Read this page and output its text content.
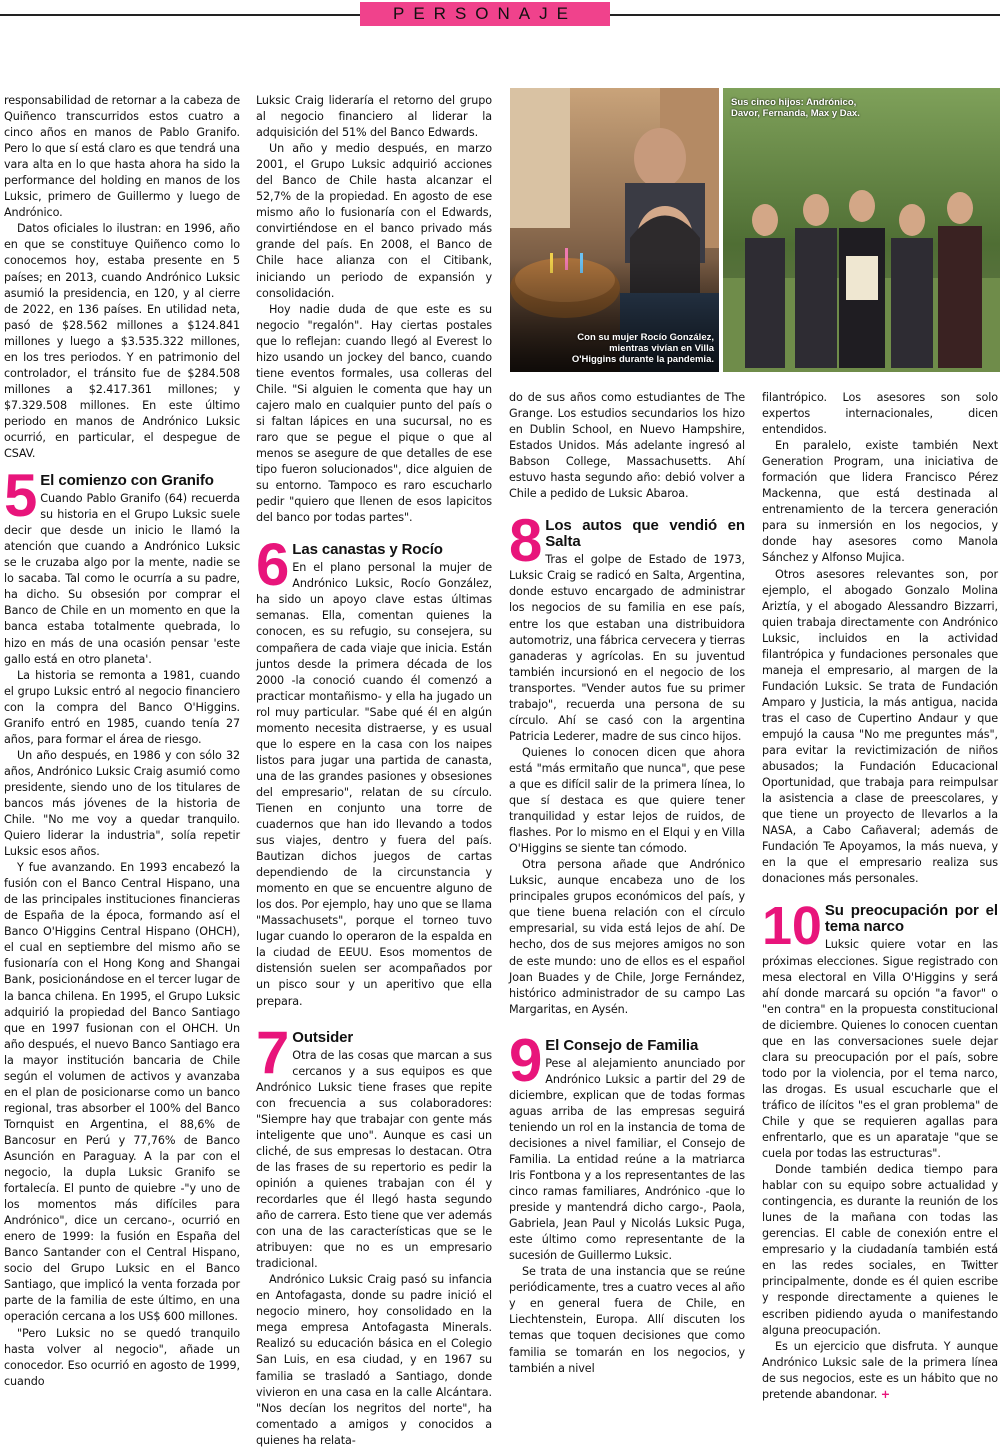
PERSONAJE
Con su mujer Rocío González, mientras vivían en Villa O'Higgins durante la pandemia.
Sus cinco hijos: Andrónico, Davor, Fernanda, Max y Dax.

responsabilidad de retornar a la cabeza de Quiñenco transcurridos estos cuatro a cinco años en manos de Pablo Granifo. Pero lo que sí está claro es que tendrá una vara alta en lo que hasta ahora ha sido la performance del holding en manos de los Luksic, primero de Guillermo y luego de Andrónico.

Datos oficiales lo ilustran: en 1996, año en que se constituye Quiñenco como lo conocemos hoy, estaba presente en 5 países; en 2013, cuando Andrónico Luksic asumió la presidencia, en 120, y al cierre de 2022, en 136 países. En utilidad neta, pasó de $28.562 millones a $124.841 millones y luego a $3.535.322 millones, en los tres periodos. Y en patrimonio del controlador, el tránsito fue de $284.508 millones a $2.417.361 millones; y $7.329.508 millones. En este último periodo en manos de Andrónico Luksic ocurrió, en particular, el despegue de CSAV.

5 El comienzo con Granifo

Cuando Pablo Granifo (64) recuerda su historia en el Grupo Luksic suele decir que desde un inicio le llamó la atención que cuando a Andrónico Luksic se le cruzaba algo por la mente, nadie se lo sacaba. Tal como le ocurría a su padre, ha dicho. Su obsesión por comprar el Banco de Chile en un momento en que la banca estaba totalmente quebrada, lo hizo en más de una ocasión pensar 'este gallo está en otro planeta'.

La historia se remonta a 1981, cuando el grupo Luksic entró al negocio financiero con la compra del Banco O'Higgins. Granifo entró en 1985, cuando tenía 27 años, para formar el área de riesgo.

Un año después, en 1986 y con sólo 32 años, Andrónico Luksic Craig asumió como presidente, siendo uno de los titulares de bancos más jóvenes de la historia de Chile. "No me voy a quedar tranquilo. Quiero liderar la industria", solía repetir Luksic esos años.

Y fue avanzando. En 1993 encabezó la fusión con el Banco Central Hispano, una de las principales instituciones financieras de España de la época, formando así el Banco O'Higgins Central Hispano (OHCH), el cual en septiembre del mismo año se fusionaría con el Hong Kong and Shangai Bank, posicionándose en el tercer lugar de la banca chilena. En 1995, el Grupo Luksic adquirió la propiedad del Banco Santiago que en 1997 fusionan con el OHCH. Un año después, el nuevo Banco Santiago era la mayor institución bancaria de Chile según el volumen de activos y avanzaba en el plan de posicionarse como un banco regional, tras absorber el 100% del Banco Tornquist en Argentina, el 88,6% de Bancosur en Perú y 77,76% de Banco Asunción en Paraguay. A la par con el negocio, la dupla Luksic Granifo se fortalecía. El punto de quiebre -"y uno de los momentos más difíciles para Andrónico", dice un cercano-, ocurrió en enero de 1999: la fusión en España del Banco Santander con el Central Hispano, socio del Grupo Luksic en el Banco Santiago, que implicó la venta forzada por parte de la familia de este último, en una operación cercana a los US$ 600 millones.

"Pero Luksic no se quedó tranquilo hasta volver al negocio", añade un conocedor. Eso ocurrió en agosto de 1999, cuando

Luksic Craig lideraría el retorno del grupo al negocio financiero al liderar la adquisición del 51% del Banco Edwards.

Un año y medio después, en marzo 2001, el Grupo Luksic adquirió acciones del Banco de Chile hasta alcanzar el 52,7% de la propiedad. En agosto de ese mismo año lo fusionaría con el Edwards, convirtiéndose en el banco privado más grande del país. En 2008, el Banco de Chile hace alianza con el Citibank, iniciando un periodo de expansión y consolidación.

Hoy nadie duda de que este es su negocio "regalón". Hay ciertas postales que lo reflejan: cuando llegó al Everest lo hizo usando un jockey del banco, cuando tiene eventos formales, usa colleras del Chile. "Si alguien le comenta que hay un cajero malo en cualquier punto del país o si faltan lápices en una sucursal, no es raro que se pegue el pique o que al menos se asegure de que detalles de ese tipo fueron solucionados", dice alguien de su entorno. Tampoco es raro escucharlo pedir "quiero que llenen de esos lapicitos del banco por todas partes".

6 Las canastas y Rocío

En el plano personal la mujer de Andrónico Luksic, Rocío González, ha sido un apoyo clave estas últimas semanas. Ella, comentan quienes la conocen, es su refugio, su consejera, su compañera de cada viaje que inicia. Están juntos desde la primera década de los 2000 -la conoció cuando él comenzó a practicar montañismo- y ella ha jugado un rol muy particular. "Sabe qué él en algún momento necesita distraerse, y es usual que lo espere en la casa con los naipes listos para jugar una partida de canasta, una de las grandes pasiones y obsesiones del empresario", relatan de su círculo. Tienen en conjunto una torre de cuadernos que han ido llevando a todos sus viajes, dentro y fuera del país. Bautizan dichos juegos de cartas dependiendo de la circunstancia y momento en que se encuentre alguno de los dos. Por ejemplo, hay uno que se llama "Massachusets", porque el torneo tuvo lugar cuando lo operaron de la espalda en la ciudad de EEUU. Esos momentos de distensión suelen ser acompañados por un pisco sour y un aperitivo que ella prepara.

7 Outsider

Otra de las cosas que marcan a sus cercanos y a sus equipos es que Andrónico Luksic tiene frases que repite con frecuencia a sus colaboradores: "Siempre hay que trabajar con gente más inteligente que uno". Aunque es casi un cliché, de sus empresas lo destacan. Otra de las frases de su repertorio es pedir la opinión a quienes trabajan con él y recordarles que él llegó hasta segundo año de carrera. Esto tiene que ver además con una de las características que se le atribuyen: que no es un empresario tradicional.

Andrónico Luksic Craig pasó su infancia en Antofagasta, donde su padre inició el negocio minero, hoy consolidado en la mega empresa Antofagasta Minerals. Realizó su educación básica en el Colegio San Luis, en esa ciudad, y en 1967 su familia se trasladó a Santiago, donde vivieron en una casa en la calle Alcántara. "Nos decían los negritos del norte", ha comentado a amigos y conocidos a quienes ha relata-

do de sus años como estudiantes de The Grange. Los estudios secundarios los hizo en Dublin School, en Nuevo Hampshire, Estados Unidos. Más adelante ingresó al Babson College, Massachusetts. Ahí estuvo hasta segundo año: debió volver a Chile a pedido de Luksic Abaroa.

8 Los autos que vendió en Salta

Tras el golpe de Estado de 1973, Luksic Craig se radicó en Salta, Argentina, donde estuvo encargado de administrar los negocios de su familia en ese país, entre los que estaban una distribuidora automotriz, una fábrica cervecera y tierras ganaderas y agrícolas. En su juventud también incursionó en el negocio de los transportes. "Vender autos fue su primer trabajo", recuerda una persona de su círculo. Ahí se casó con la argentina Patricia Lederer, madre de sus cinco hijos.

Quienes lo conocen dicen que ahora está "más ermitaño que nunca", que pese a que es difícil salir de la primera línea, lo que sí destaca es que quiere tener tranquilidad y estar lejos de ruidos, de flashes. Por lo mismo en el Elqui y en Villa O'Higgins se siente tan cómodo.

Otra persona añade que Andrónico Luksic, aunque encabeza uno de los principales grupos económicos del país, y que tiene buena relación con el círculo empresarial, su vida está lejos de ahí. De hecho, dos de sus mejores amigos no son de este mundo: uno de ellos es el español Joan Buades y de Chile, Jorge Fernández, histórico administrador de su campo Las Margaritas, en Aysén.

9 El Consejo de Familia

Pese al alejamiento anunciado por Andrónico Luksic a partir del 29 de diciembre, explican que de todas formas aguas arriba de las empresas seguirá teniendo un rol en la instancia de toma de decisiones a nivel familiar, el Consejo de Familia. La entidad reúne a la matriarca Iris Fontbona y a los representantes de las cinco ramas familiares, Andrónico -que lo preside y mantendrá dicho cargo-, Paola, Gabriela, Jean Paul y Nicolás Luksic Puga, este último como representante de la sucesión de Guillermo Luksic.

Se trata de una instancia que se reúne periódicamente, tres a cuatro veces al año y en general fuera de Chile, en Liechtenstein, Europa. Allí discuten los temas que toquen decisiones que como familia se tomarán en los negocios, y también a nivel

filantrópico. Los asesores son solo expertos internacionales, dicen entendidos.

En paralelo, existe también Next Generation Program, una iniciativa de formación que lidera Francisco Pérez Mackenna, que está destinada al entrenamiento de la tercera generación para su inmersión en los negocios, y donde hay asesores como Manola Sánchez y Alfonso Mujica.

Otros asesores relevantes son, por ejemplo, el abogado Gonzalo Molina Ariztía, y el abogado Alessandro Bizzarri, quien trabaja directamente con Andrónico Luksic, incluidos en la actividad filantrópica y fundaciones personales que maneja el empresario, al margen de la Fundación Luksic. Se trata de Fundación Amparo y Justicia, la más antigua, nacida tras el caso de Cupertino Andaur y que empujó la causa "No me preguntes más", para evitar la revictimización de niños abusados; la Fundación Educacional Oportunidad, que trabaja para reimpulsar la asistencia a clase de preescolares, y que tiene un proyecto de llevarlos a la NASA, a Cabo Cañaveral; además de Fundación Te Apoyamos, la más nueva, y en la que el empresario realiza sus donaciones más personales.

10 Su preocupación por el tema narco

Luksic quiere votar en las próximas elecciones. Sigue registrado con mesa electoral en Villa O'Higgins y será ahí donde marcará su opción "a favor" o "en contra" en la propuesta constitucional de diciembre. Quienes lo conocen cuentan que en las conversaciones suele dejar clara su preocupación por el país, sobre todo por la violencia, por el tema narco, las drogas. Es usual escucharle que el tráfico de ilícitos "es el gran problema" de Chile y que se requieren agallas para enfrentarlo, que es un aparataje "que se cuela por todas las estructuras".

Donde también dedica tiempo para hablar con su equipo sobre actualidad y contingencia, es durante la reunión de los lunes de la mañana con todas las gerencias. El cable de conexión entre el empresario y la ciudadanía también está en las redes sociales, en Twitter principalmente, donde es él quien escribe y responde directamente a quienes le escriben pidiendo ayuda o manifestando alguna preocupación.

Es un ejercicio que disfruta. Y aunque Andrónico Luksic sale de la primera línea de sus negocios, este es un hábito que no pretende abandonar. +
